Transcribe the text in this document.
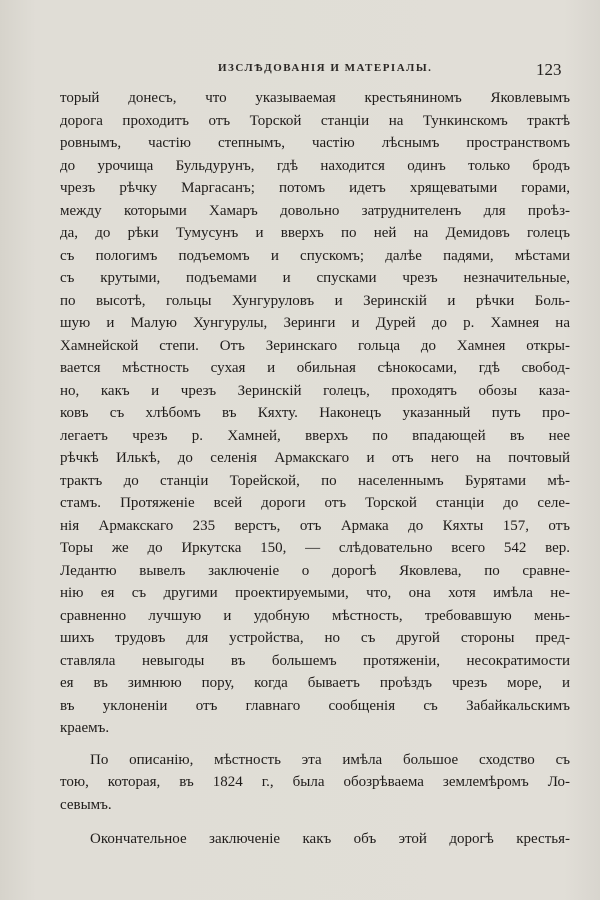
ИЗСЛѢДОВАНІЯ И МАТЕРІАЛЫ.	123
торый донесъ, что указываемая крестьяниномъ Яковлевымъ
дорога проходитъ отъ Торской станціи на Тункинскомъ трактѣ
ровнымъ, частію степнымъ, частію лѣснымъ пространствомъ
до урочища Бульдурунъ, гдѣ находится одинъ только бродъ
чрезъ рѣчку Маргасанъ; потомъ идетъ хрящеватыми горами,
между которыми Хамаръ довольно затруднителенъ для проѣз-
да, до рѣки Тумусунъ и вверхъ по ней на Демидовъ голецъ
съ пологимъ подъемомъ и спускомъ; далѣе падями, мѣстами
съ крутыми, подъемами и спусками чрезъ незначительные,
по высотѣ, гольцы Хунгуруловъ и Зеринскій и рѣчки Боль-
шую и Малую Хунгурулы, Зеринги и Дурей до р. Хамнея на
Хамнейской степи. Отъ Зеринскаго гольца до Хамнея откры-
вается мѣстность сухая и обильная сѣнокосами, гдѣ свобод-
но, какъ и чрезъ Зеринскій голецъ, проходятъ обозы каза-
ковъ съ хлѣбомъ въ Кяхту. Наконецъ указанный путь про-
легаетъ чрезъ р. Хамней, вверхъ по впадающей въ нее
рѣчкѣ Илькѣ, до селенія Армакскаго и отъ него на почтовый
трактъ до станціи Торейской, по населеннымъ Бурятами мѣ-
стамъ. Протяженіе всей дороги отъ Торской станціи до селе-
нія Армакскаго 235 верстъ, отъ Армака до Кяхты 157, отъ
Торы же до Иркутска 150, — слѣдовательно всего 542 вер.
Ледантю вывелъ заключеніе о дорогѣ Яковлева, по сравне-
нію ея съ другими проектируемыми, что, она хотя имѣла не-
сравненно лучшую и удобную мѣстность, требовавшую мень-
шихъ трудовъ для устройства, но съ другой стороны пред-
ставляла невыгоды въ большемъ протяженіи, несократимости
ея въ зимнюю пору, когда бываетъ проѣздъ чрезъ море, и
въ уклоненіи отъ главнаго сообщенія съ Забайкальскимъ
краемъ.
По описанію, мѣстность эта имѣла большое сходство съ
тою, которая, въ 1824 г., была обозрѣваема землемѣромъ Ло-
севымъ.
Окончательное заключеніе какъ объ этой дорогѣ крестья-
